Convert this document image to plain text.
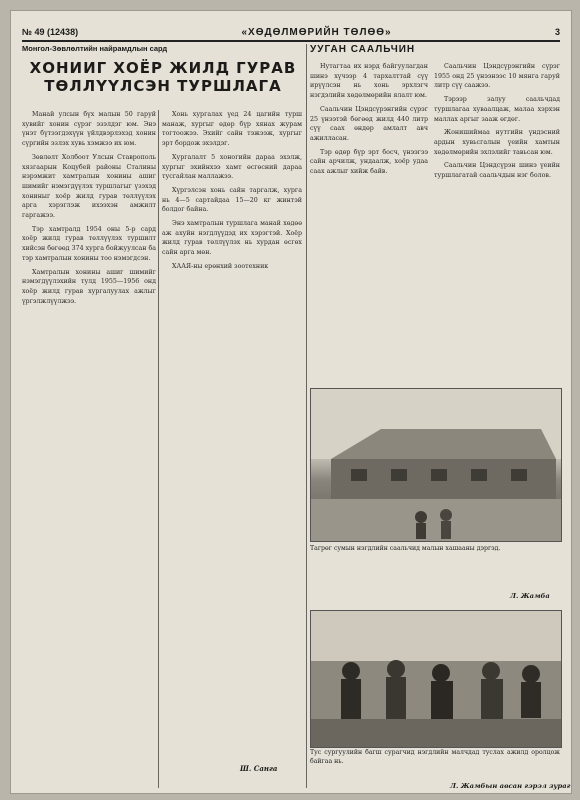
№ 49 (12438)	«ХӨДӨЛМӨРИЙН ТӨЛӨӨ»	3
Монгол-Зөвлөлтийн найрамдлын сард
ХОНИИГ ХОЁР ЖИЛД ГУРАВ
ТӨЛЛҮҮЛСЭН ТУРШЛАГА

Манай улсын бүх малын 50 гаруй хувийг хонин сүрэг эзэлдэг юм. Энэ үнэт бүтээгдэхүүн үйлдвэрлэхэд хонин сүргийн эзлэх хувь хэмжээ их юм.

Зөвлөлт Холбоот Улсын Ставрополь хязгаарын Коцубей районы Сталины нэрэмжит хамтралын хонины ашиг шимийг нэмэгдүүлэх туршлагыг үзэхэд хониныг хоёр жилд гурав төллүүлэх арга хэрэглэж ихээхэн амжилт гаргажээ.

Тэр хамтралд 1954 оны 5-р сард хоёр жилд гурав төллүүлэх туршилт хийсэн бөгөөд 374 хурга бойжуулсан ба тэр хамтралын хонины тоо нэмэгдсэн.

Хамтралын хонины ашиг шимийг нэмэгдүүлэхийн тулд 1955—1956 онд хоёр жилд гурав хургалуулах ажлыг үргэлжлүүлжээ.

Хонь хургалах үед 24 цагийн турш манаж, хургыг өдөр бүр хянах журам тогтоожээ. Эхийг сайн тэжээж, хургыг эрт бордож эхэлдэг.

Хургалалт 5 хоногийн дараа эхэлж, хургыг эхийнхээ хамт өсгөсний дараа тусгайлан маллажээ.

Хүргэлсэн хонь сайн таргалж, хурга нь 4—5 сартайдаа 15—20 кг жинтэй болдог байна.

Энэ хамтралын туршлага манай хөдөө аж ахуйн нэгдлүүдэд их хэрэгтэй. Хоёр жилд гурав төллүүлэх нь хурдан өсгөх сайн арга мөн.

ХААЯ-ны ерөнхий зоотехник

Ш. Санга
УУГАН СААЛЬЧИН

Нутагтаа их нэрд байгуулагдан шинэ хүчээр 4 тархалттай сүү ирүүлсэн нь хонь эрхлэгч нэгдэлийн хөдөлмөрийн ялалт юм.

Саальчин Цэндсүрэнгийн сүрэг 25 үнээтэй бөгөөд жилд 440 литр сүү саах өндөр амлалт авч ажилласан.

Тэр өдөр бүр эрт босч, үнээгээ сайн арчилж, ундаалж, хоёр удаа саах ажлыг хийж байв.

Саальчин Цэндсүрэнгийн сүрэг 1955 онд 25 үнээнээс 10 мянга гаруй литр сүү саажээ.

Тэрээр залуу саальчдад туршлагаа хуваалцаж, малаа хэрхэн маллах аргыг зааж өгдөг.

Жонишиймаа нутгийн үндэсний ардын хувьсгалын үеийн хамтын хөдөлмөрийн эхлэлийг тавьсан юм.

Саальчин Цэндсүрэн шинэ үеийн туршлагатай саальчдын нэг болов.

Тагрөг сумын нэгдлийн саальчид малын хашааны дэргэд.
Л. Жамба
Тус сургуулийн багш сурагчид нэгдлийн малчдад туслах ажилд оролцож байгаа нь.
Л. Жамбын авсан гэрэл зураг
